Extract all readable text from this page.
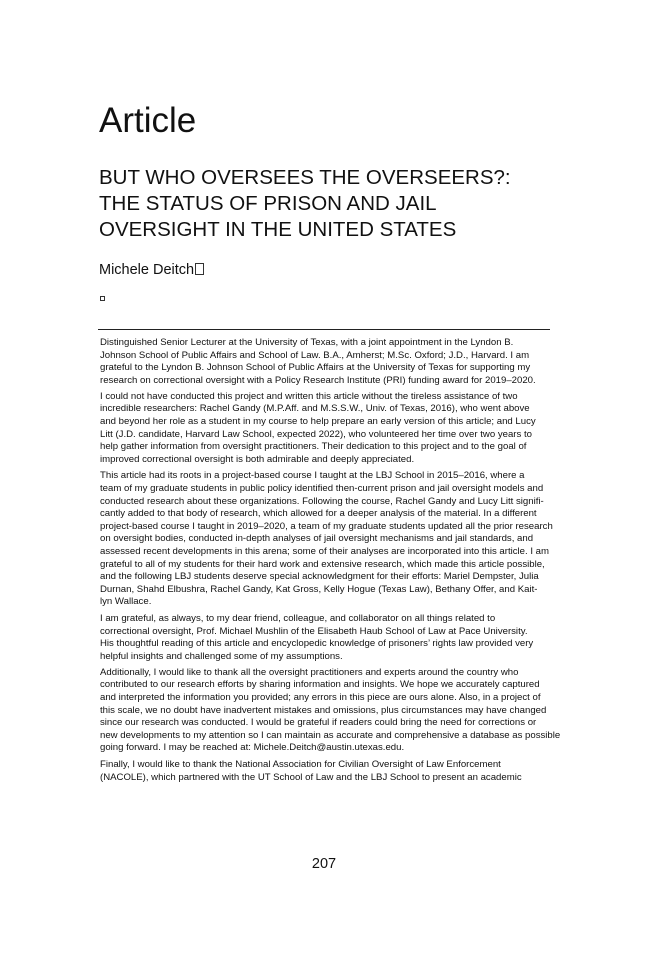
Article
BUT WHO OVERSEES THE OVERSEERS?:
THE STATUS OF PRISON AND JAIL
OVERSIGHT IN THE UNITED STATES
Michele Deitch

Distinguished Senior Lecturer at the University of Texas, with a joint appointment in the Lyndon B.
Johnson School of Public Affairs and School of Law. B.A., Amherst; M.Sc. Oxford; J.D., Harvard. I am
grateful to the Lyndon B. Johnson School of Public Affairs at the University of Texas for supporting my
research on correctional oversight with a Policy Research Institute (PRI) funding award for 2019–2020.

I could not have conducted this project and written this article without the tireless assistance of two
incredible researchers: Rachel Gandy (M.P.Aff. and M.S.S.W., Univ. of Texas, 2016), who went above
and beyond her role as a student in my course to help prepare an early version of this article; and Lucy
Litt (J.D. candidate, Harvard Law School, expected 2022), who volunteered her time over two years to
help gather information from oversight practitioners. Their dedication to this project and to the goal of
improved correctional oversight is both admirable and deeply appreciated.

This article had its roots in a project-based course I taught at the LBJ School in 2015–2016, where a
team of my graduate students in public policy identified then-current prison and jail oversight models and
conducted research about these organizations. Following the course, Rachel Gandy and Lucy Litt signifi-
cantly added to that body of research, which allowed for a deeper analysis of the material. In a different
project-based course I taught in 2019–2020, a team of my graduate students updated all the prior research
on oversight bodies, conducted in-depth analyses of jail oversight mechanisms and jail standards, and
assessed recent developments in this arena; some of their analyses are incorporated into this article. I am
grateful to all of my students for their hard work and extensive research, which made this article possible,
and the following LBJ students deserve special acknowledgment for their efforts: Mariel Dempster, Julia
Durnan, Shahd Elbushra, Rachel Gandy, Kat Gross, Kelly Hogue (Texas Law), Bethany Offer, and Kait-
lyn Wallace.

I am grateful, as always, to my dear friend, colleague, and collaborator on all things related to
correctional oversight, Prof. Michael Mushlin of the Elisabeth Haub School of Law at Pace University.
His thoughtful reading of this article and encyclopedic knowledge of prisoners’ rights law provided very
helpful insights and challenged some of my assumptions.

Additionally, I would like to thank all the oversight practitioners and experts around the country who
contributed to our research efforts by sharing information and insights. We hope we accurately captured
and interpreted the information you provided; any errors in this piece are ours alone. Also, in a project of
this scale, we no doubt have inadvertent mistakes and omissions, plus circumstances may have changed
since our research was conducted. I would be grateful if readers could bring the need for corrections or
new developments to my attention so I can maintain as accurate and comprehensive a database as possible
going forward. I may be reached at: Michele.Deitch@austin.utexas.edu.

Finally, I would like to thank the National Association for Civilian Oversight of Law Enforcement
(NACOLE), which partnered with the UT School of Law and the LBJ School to present an academic

207
